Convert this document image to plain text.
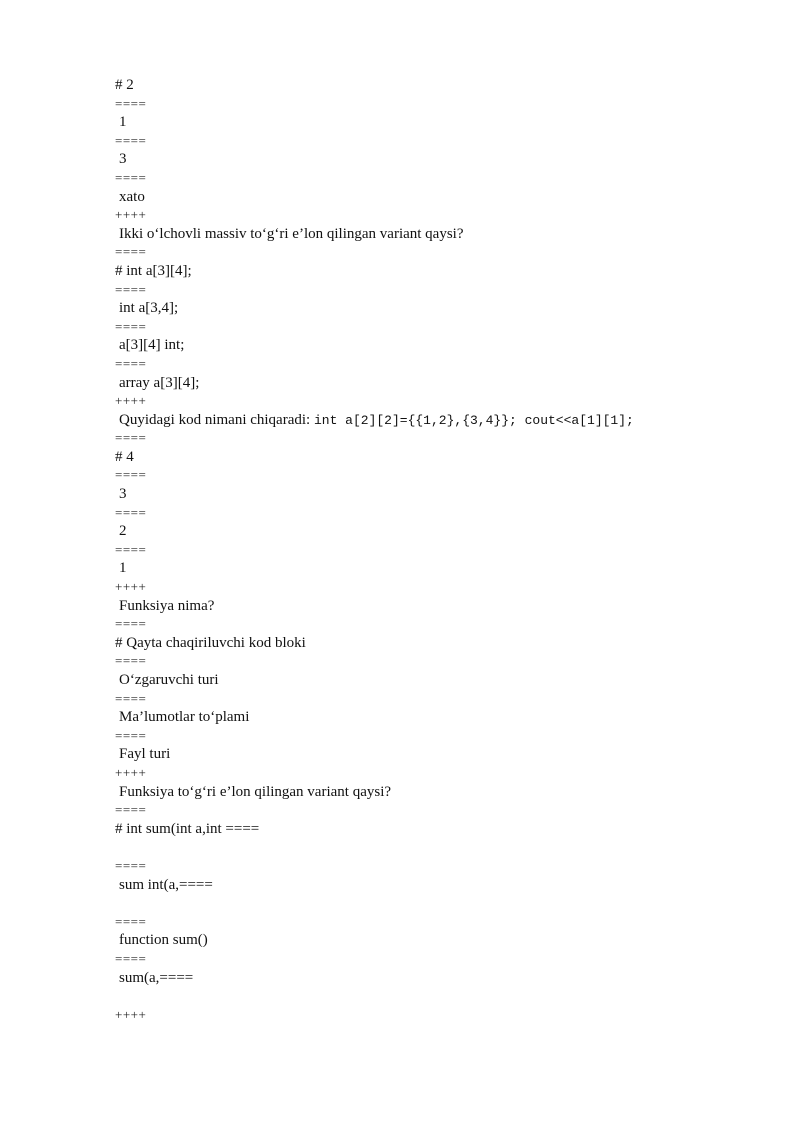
# 2
====
1
====
3
====
xato
++++
Ikki o‘lchovli massiv to‘g‘ri e’lon qilingan variant qaysi?
====
# int a[3][4];
====
int a[3,4];
====
a[3][4] int;
====
array a[3][4];
++++
Quyidagi kod nimani chiqaradi: int a[2][2]={{1,2},{3,4}}; cout<<a[1][1];
====
# 4
====
3
====
2
====
1
++++
Funksiya nima?
====
# Qayta chaqiriluvchi kod bloki
====
O‘zgaruvchi turi
====
Ma’lumotlar to‘plami
====
Fayl turi
++++
Funksiya to‘g‘ri e’lon qilingan variant qaysi?
====
# int sum(int a,int ====
====
sum int(a,====
====
function sum()
====
sum(a,====
++++
